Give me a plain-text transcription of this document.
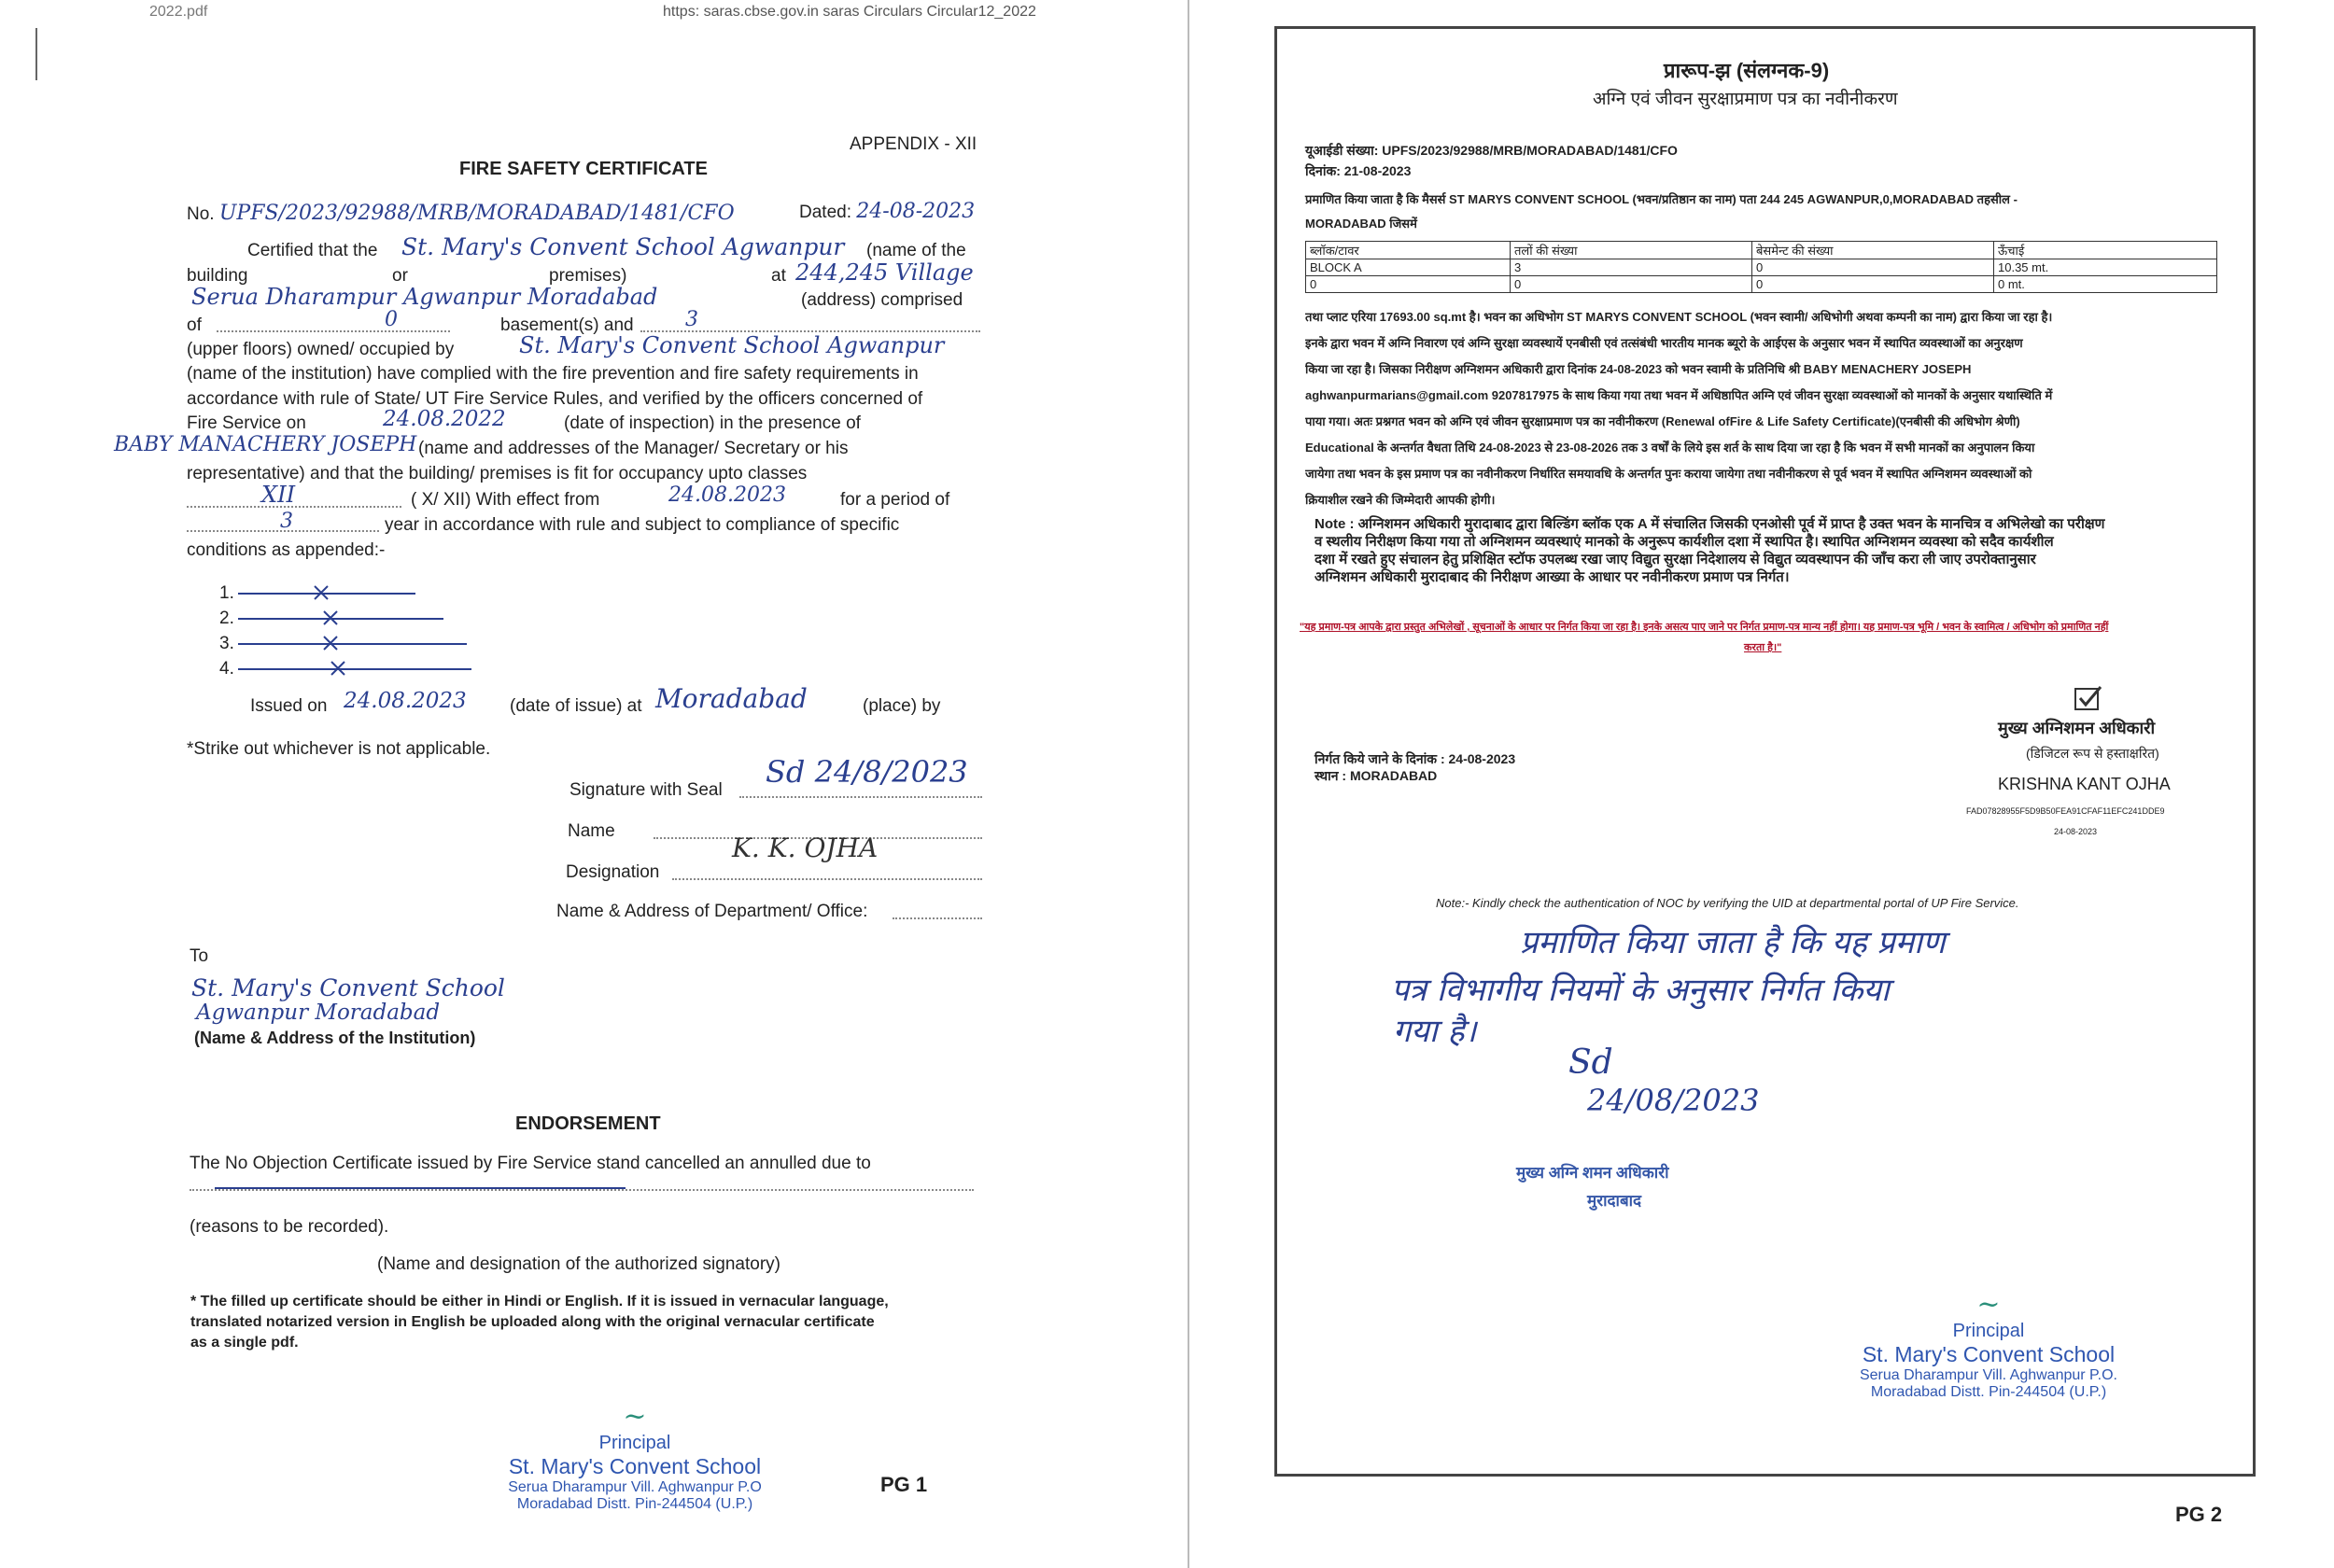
2022.pdf	https: saras.cbse.gov.in saras Circulars Circular12_2022
APPENDIX - XII
FIRE SAFETY CERTIFICATE
No. UPFS/2023/92988/MRB/MORADABAD/1481/CFO	Dated: 24-08-2023
Certified that the St. Mary's Convent School Agwanpur (name of the
building	or	premises)	at 244,245 Village
Serua Dharampur Agwanpur Moradabad	(address) comprised
of	0	basement(s) and	3
(upper floors) owned/ occupied by	St. Mary's Convent School Agwanpur
(name of the institution) have complied with the fire prevention and fire safety requirements in
accordance with rule of State/ UT Fire Service Rules, and verified by the officers concerned of
Fire Service on	24.08.2022	(date of inspection) in the presence of
BABY MANACHERY JOSEPH (name and addresses of the Manager/ Secretary or his
representative) and that the building/ premises is fit for occupancy upto classes
XII	( X/ XII) With effect from	24.08.2023	for a period of
3	year in accordance with rule and subject to compliance of specific
conditions as appended:-
1.
2.
3.
4.
Issued on 24.08.2023 (date of issue) at Moradabad	(place) by
*Strike out whichever is not applicable.
Signature with Seal
Sd 24/8/2023
Name
K. K. OJHA
Designation
Name & Address of Department/ Office:
To
St. Mary's Convent School
Agwanpur Moradabad
(Name & Address of the Institution)
ENDORSEMENT
The No Objection Certificate issued by Fire Service stand cancelled an annulled due to
(reasons to be recorded).
(Name and designation of the authorized signatory)
* The filled up certificate should be either in Hindi or English. If it is issued in vernacular language,
translated notarized version in English be uploaded along with the original vernacular certificate
as a single pdf.
~
Principal
St. Mary's Convent School
Serua Dharampur Vill. Aghwanpur P.O
Moradabad Distt. Pin-244504 (U.P.)
PG 1
प्रारूप-झ (संलग्नक-9)
अग्नि एवं जीवन सुरक्षाप्रमाण पत्र का नवीनीकरण
यूआईडी संख्या: UPFS/2023/92988/MRB/MORADABAD/1481/CFO
दिनांक: 21-08-2023
प्रमाणित किया जाता है कि मैसर्स ST MARYS CONVENT SCHOOL (भवन/प्रतिष्ठान का नाम) पता 244 245 AGWANPUR,0,MORADABAD तहसील -
MORADABAD जिसमें
ब्लॉक/टावर	तलों की संख्या	बेसमेन्ट की संख्या	ऊँचाई
BLOCK A	3	0	10.35 mt.
0	0	0	0 mt.
तथा प्लाट एरिया 17693.00 sq.mt है। भवन का अधिभोग ST MARYS CONVENT SCHOOL (भवन स्वामी/ अधिभोगी अथवा कम्पनी का नाम) द्वारा किया जा रहा है।
इनके द्वारा भवन में अग्नि निवारण एवं अग्नि सुरक्षा व्यवस्थायें एनबीसी एवं तत्संबंधी भारतीय मानक ब्यूरो के आईएस के अनुसार भवन में स्थापित व्यवस्थाओं का अनुरक्षण
किया जा रहा है। जिसका निरीक्षण अग्निशमन अधिकारी द्वारा दिनांक 24-08-2023 को भवन स्वामी के प्रतिनिधि श्री BABY MENACHERY JOSEPH
aghwanpurmarians@gmail.com 9207817975 के साथ किया गया तथा भवन में अधिष्ठापित अग्नि एवं जीवन सुरक्षा व्यवस्थाओं को मानकों के अनुसार यथास्थिति में
पाया गया। अतः प्रश्नगत भवन को अग्नि एवं जीवन सुरक्षाप्रमाण पत्र का नवीनीकरण (Renewal ofFire & Life Safety Certificate)(एनबीसी की अधिभोग श्रेणी)
Educational के अन्तर्गत वैधता तिथि 24-08-2023 से 23-08-2026 तक 3 वर्षों के लिये इस शर्त के साथ दिया जा रहा है कि भवन में सभी मानकों का अनुपालन किया
जायेगा तथा भवन के इस प्रमाण पत्र का नवीनीकरण निर्धारित समयावधि के अन्तर्गत पुनः कराया जायेगा तथा नवीनीकरण से पूर्व भवन में स्थापित अग्निशमन व्यवस्थाओं को
क्रियाशील रखने की जिम्मेदारी आपकी होगी।
Note : अग्निशमन अधिकारी मुरादाबाद द्वारा बिल्डिंग ब्लॉक एक A में संचालित जिसकी एनओसी पूर्व में प्राप्त है उक्त भवन के मानचित्र व अभिलेखो का परीक्षण
व स्थलीय निरीक्षण किया गया तो अग्निशमन व्यवस्थाएं मानको के अनुरूप कार्यशील दशा में स्थापित है। स्थापित अग्निशमन व्यवस्था को सदैव कार्यशील
दशा में रखते हुए संचालन हेतु प्रशिक्षित स्टॉफ उपलब्ध रखा जाए विद्युत सुरक्षा निदेशालय से विद्युत व्यवस्थापन की जाँच करा ली जाए उपरोक्तानुसार
अग्निशमन अधिकारी मुरादाबाद की निरीक्षण आख्या के आधार पर नवीनीकरण प्रमाण पत्र निर्गत।
"यह प्रमाण-पत्र आपके द्वारा प्रस्तुत अभिलेखों , सूचनाओं के आधार पर निर्गत किया जा रहा है। इनके असत्य पाए जाने पर निर्गत प्रमाण-पत्र मान्य नहीं होगा। यह प्रमाण-पत्र भूमि / भवन के स्वामित्व / अधिभोग को प्रमाणित नहीं
करता है।"
मुख्य अग्निशमन अधिकारी
(डिजिटल रूप से हस्ताक्षरित)
KRISHNA KANT OJHA
FAD07828955F5D9B50FEA91CFAF11EFC241DDE9
24-08-2023
निर्गत किये जाने के दिनांक : 24-08-2023
स्थान : MORADABAD
Note:- Kindly check the authentication of NOC by verifying the UID at departmental portal of UP Fire Service.
प्रमाणित किया जाता है कि यह प्रमाण
पत्र विभागीय नियमों के अनुसार निर्गत किया
गया है।
Sd
24/08/2023
मुख्य अग्नि शमन अधिकारी
मुरादाबाद
~
Principal
St. Mary's Convent School
Serua Dharampur Vill. Aghwanpur P.O.
Moradabad Distt. Pin-244504 (U.P.)
PG 2
